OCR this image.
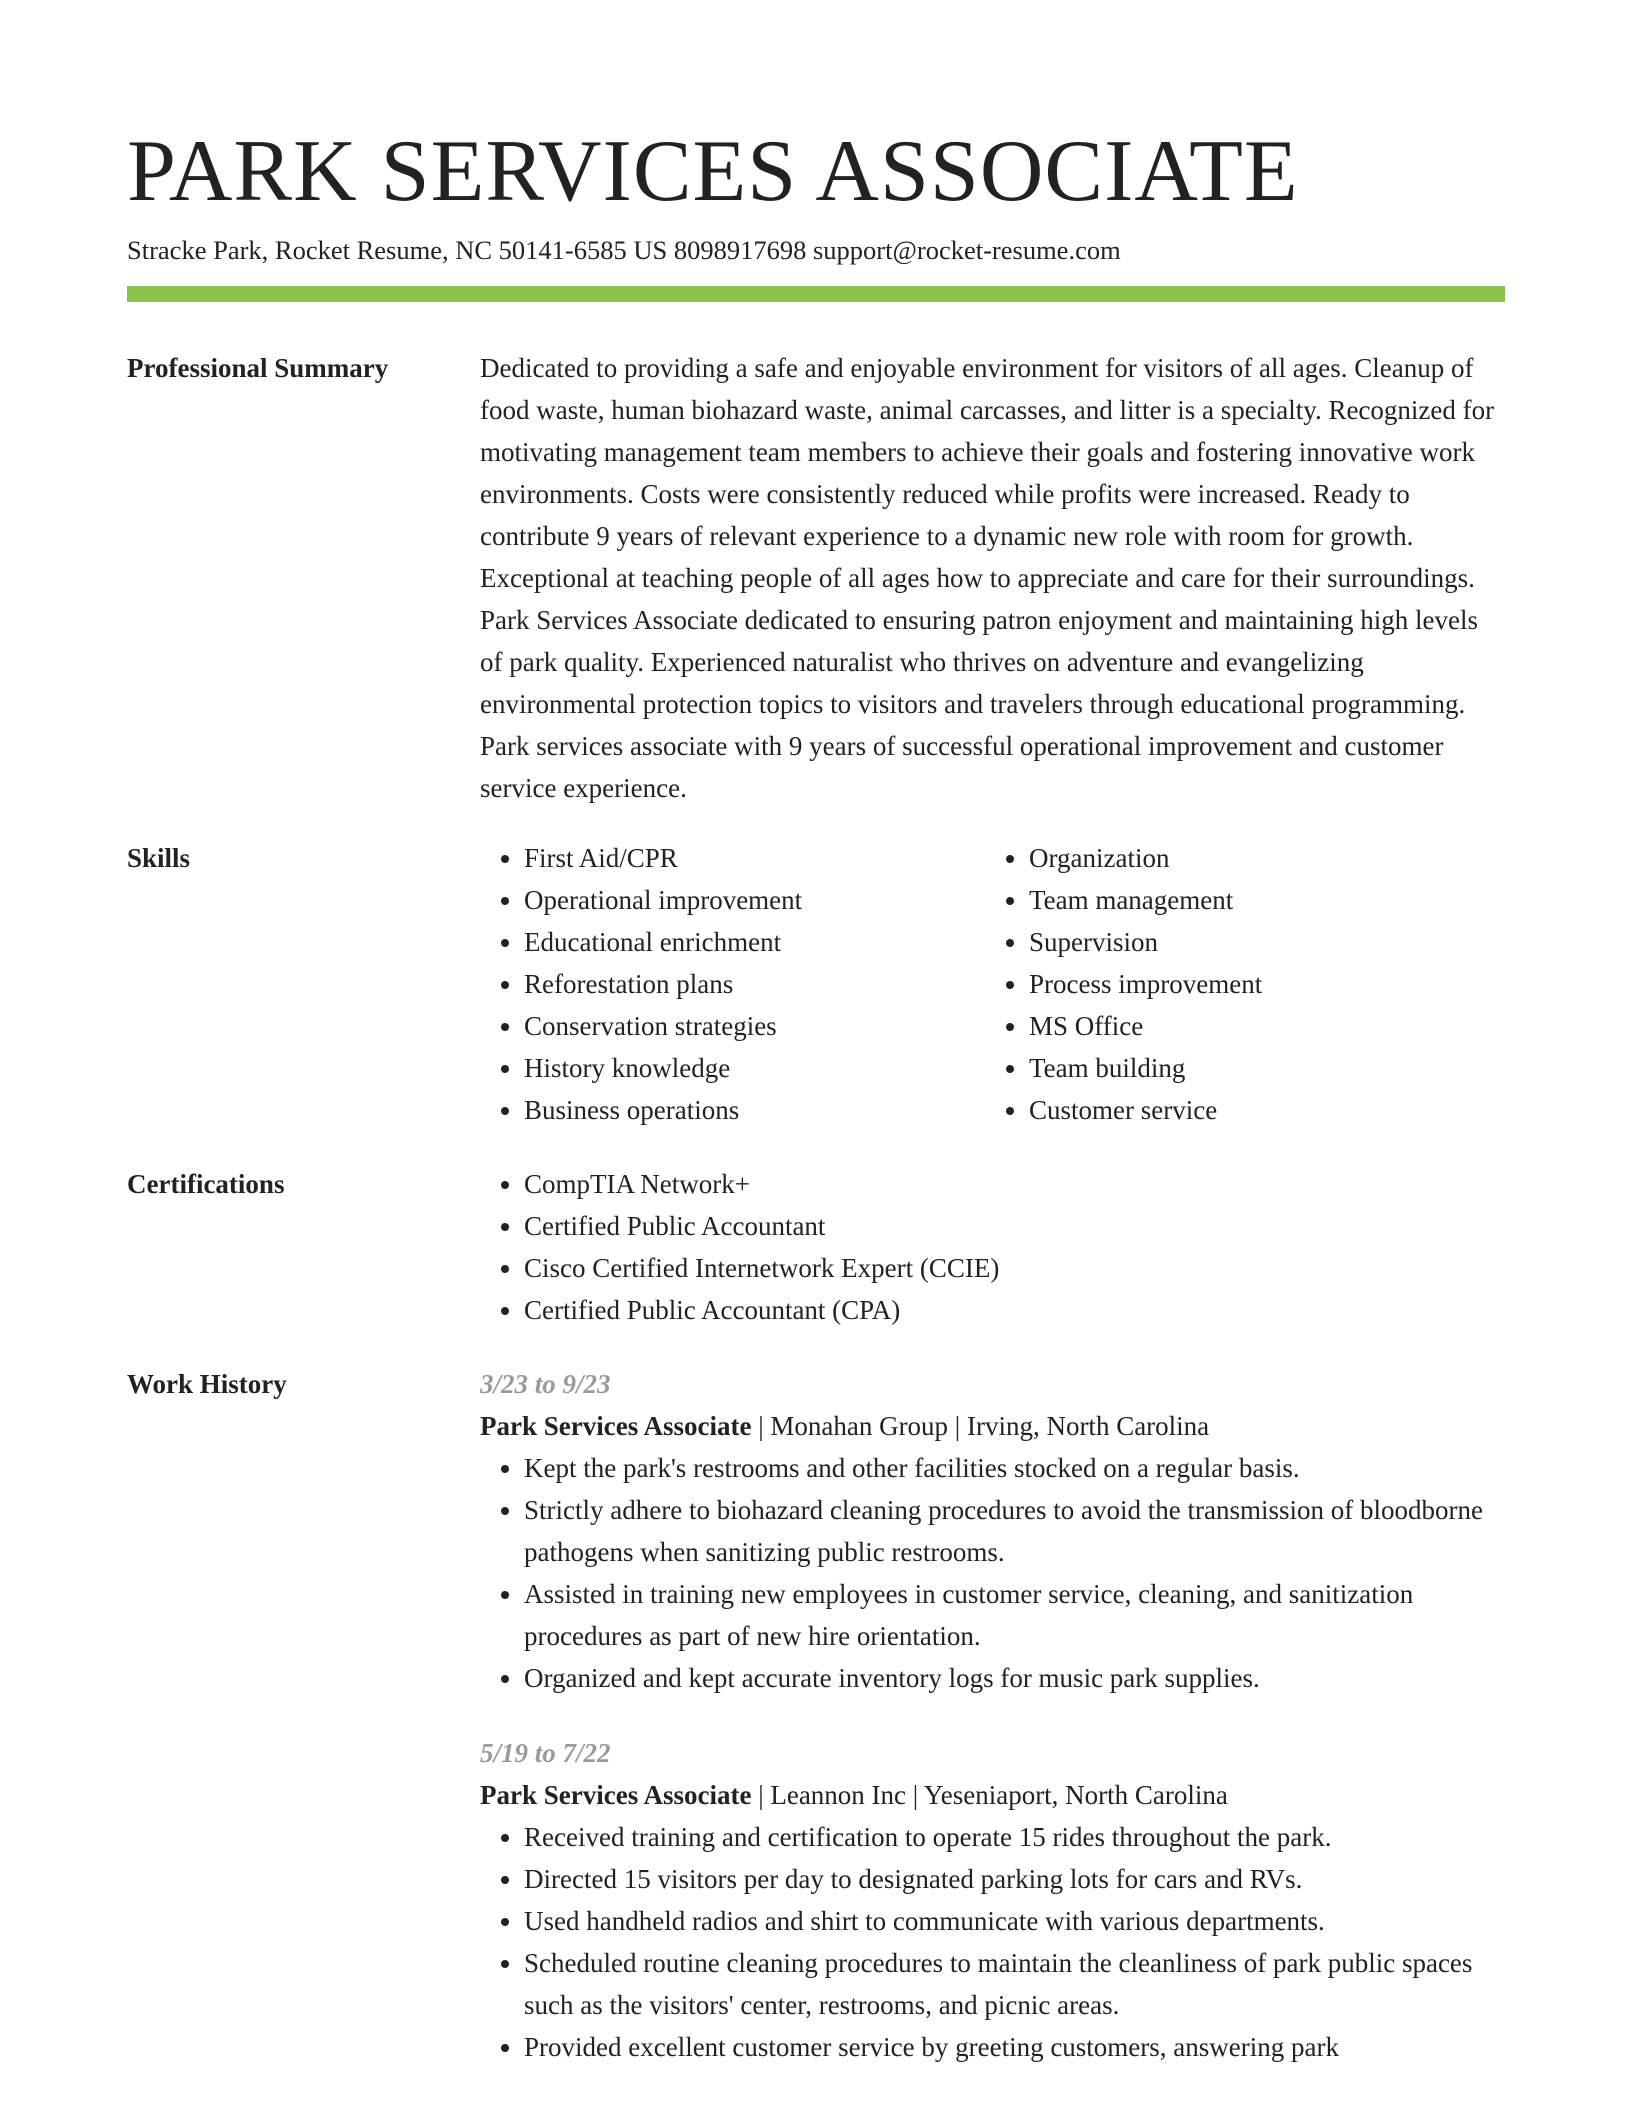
PARK SERVICES ASSOCIATE
Stracke Park, Rocket Resume, NC 50141-6585 US 8098917698 support@rocket-resume.com
Professional Summary	Dedicated to providing a safe and enjoyable environment for visitors of all ages. Cleanup of food waste, human biohazard waste, animal carcasses, and litter is a specialty. Recognized for motivating management team members to achieve their goals and fostering innovative work environments. Costs were consistently reduced while profits were increased. Ready to contribute 9 years of relevant experience to a dynamic new role with room for growth. Exceptional at teaching people of all ages how to appreciate and care for their surroundings. Park Services Associate dedicated to ensuring patron enjoyment and maintaining high levels of park quality. Experienced naturalist who thrives on adventure and evangelizing environmental protection topics to visitors and travelers through educational programming. Park services associate with 9 years of successful operational improvement and customer service experience.

Skills	• First Aid/CPR
• Operational improvement
• Educational enrichment
• Reforestation plans
• Conservation strategies
• History knowledge
• Business operations
• Organization
• Team management
• Supervision
• Process improvement
• MS Office
• Team building
• Customer service
Certifications	• CompTIA Network+
• Certified Public Accountant
• Cisco Certified Internetwork Expert (CCIE)
• Certified Public Accountant (CPA)
Work History	3/23 to 9/23
Park Services Associate | Monahan Group | Irving, North Carolina
• Kept the park's restrooms and other facilities stocked on a regular basis.
• Strictly adhere to biohazard cleaning procedures to avoid the transmission of bloodborne pathogens when sanitizing public restrooms.
• Assisted in training new employees in customer service, cleaning, and sanitization procedures as part of new hire orientation.
• Organized and kept accurate inventory logs for music park supplies.
5/19 to 7/22
Park Services Associate | Leannon Inc | Yeseniaport, North Carolina
• Received training and certification to operate 15 rides throughout the park.
• Directed 15 visitors per day to designated parking lots for cars and RVs.
• Used handheld radios and shirt to communicate with various departments.
• Scheduled routine cleaning procedures to maintain the cleanliness of park public spaces such as the visitors' center, restrooms, and picnic areas.
• Provided excellent customer service by greeting customers, answering park
